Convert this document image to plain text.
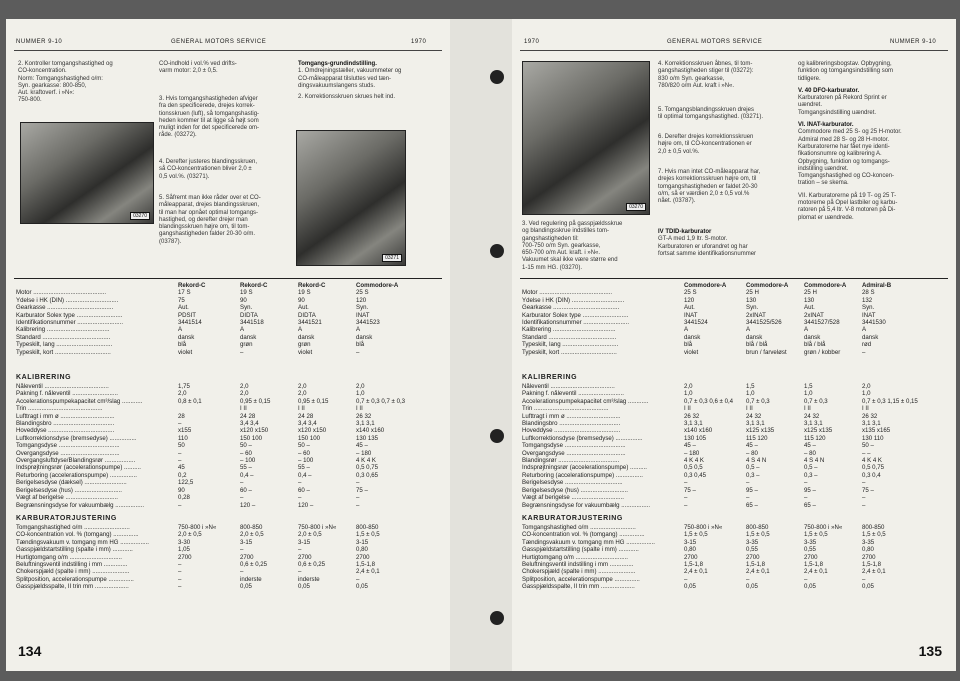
NUMMER 9-10	GENERAL MOTORS SERVICE	1970
2. Kontroller tomgangshastighed og
CO-koncentration.
Norm: Tomgangshastighed o/m:
Syn. gearkasse: 800-850,
Aut. kraftoverf. i »N«:
750-800.
03270
CO-indhold i vol.% ved drifts-
varm motor: 2,0 ± 0,5.
3. Hvis tomgangshastigheden afviger
fra den specificerede, drejes korrek-
tionsskruen (luft), så tomgangshastig-
heden kommer til at ligge så højt som
muligt inden for det specificerede om-
råde. (03272).
4. Derefter justeres blandingsskruen,
så CO-koncentrationen bliver 2,0 ±
0,5 vol.%. (03271).
5. Såfremt man ikke råder over et CO-
måleapparat, drejes blandingsskruen,
til man har opnået optimal tomgangs-
hastighed, og derefter drejer man
blandingsskruen højre om, til tom-
gangshastigheden falder 20-30 o/m.
(03787).
Tomgangs-grundindstilling.
1. Omdrejningstæller, vakuummeter og
CO-måleapparat tilsluttes ved tæn-
dingsvakuumslangens studs.
2. Korrektionsskruen skrues helt ind.
03271
	Rekord-C	Rekord-C	Rekord-C	Commodore-A
Motor ...........................................	17 S	19 S	19 S	25 S
Ydelse i HK (DIN) ...............................	75	90	90	120
Gearkasse .......................................	Aut.	Syn.	Aut.	Syn.
Karburator Solex type ...........................	PDSIT	DIDTA	DIDTA	INAT
Identifikationsnummer ...........................	3441514	3441518	3441521	3441523
Kalibrering .....................................	A	A	A	A
Standard ........................................	dansk	dansk	dansk	dansk
Typeskilt, lang .................................	blå	grøn	grøn	blå
Typeskilt, kort .................................	violet	–	violet	–
KALIBRERING
Nåleventil ......................................	1,75	2,0	2,0	2,0
Pakning f. nåleventil ...........................	2,0	2,0	2,0	1,0
Accelerationspumpekapacitet cm³/slag ............	0,8 ± 0,1	0,95 ± 0,15	0,95 ± 0,15	0,7 ± 0,3 0,7 ± 0,3
Trin ............................................		I II	I II	I II
Lufttragt i mm ø ................................	28	24 28	24 28	26 32
Blandingsbro ....................................	–	3,4 3,4	3,4 3,4	3,1 3,1
Hoveddyse .......................................	x155	x120 x150	x120 x150	x140 x160
Luftkorrektionsdyse (bremsedyse) ................	110	150 100	150 100	130 135
Tomgangsdyse ....................................	50	50 –	50 –	45 –
Overgangsdyse ...................................	–	– 60	– 60	– 180
Overgangsluftdyse/Blandingsrør ..................	–	– 100	– 100	4 K 4 K
Indsprøjtningsrør (accelerationspumpe) ..........	45	55 –	55 –	0,5 0,75
Returboring (accelerationspumpe) ................	0,2	0,4 –	0,4 –	0,3 0,65
Berigelsesdyse (dæksel) .........................	122,5	–	–	–
Berigelsesdyse (hus) ............................	90	60 –	60 –	75 –
Vægt af berigelse ...............................	0,28	–	–	–
Begrænsningsdyse for vakuumbælg .................	–	120 –	120 –	–
KARBURATORJUSTERING
Tomgangshastighed o/m ...........................	750-800 i »N«	800-850	750-800 i »N«	800-850
CO-koncentration vol. % (tomgang) ...............	2,0 ± 0,5	2,0 ± 0,5	2,0 ± 0,5	1,5 ± 0,5
Tændingsvakuum v. tomgang mm HG .................	3-30	3-15	3-15	3-15
Gasspjældstartstilling (spalte i mm) ............	1,05	–	–	0,80
Hurtigtomgang o/m ...............................	2700	2700	2700	2700
Beluftningsventil indstilling i mm ..............	–	0,6 ± 0,25	0,6 ± 0,25	1,5-1,8
Chokerspjæld (spalte i mm) ......................	–	–	–	2,4 ± 0,1
Splitposition, accelerationspumpe ...............	–	inderste	inderste	–
Gasspjældsspalte, II trin mm ....................	–	0,05	0,05	0,05
134
1970	GENERAL MOTORS SERVICE	NUMMER 9-10
03270
3. Ved regulering på gasspjældsskrue
og blandingsskrue indstilles tom-
gangshastigheden til:
700-750 o/m Syn. gearkasse,
650-700 o/m Aut. kraft. i »N«.
Vakuumet skal ikke være større end
1-15 mm HG. (03270).
4. Korrektionsskruen åbnes, til tom-
gangshastigheden stiger til (03272):
830 o/m Syn. gearkasse,
780/820 o/m Aut. kraft i »N«.
5. Tomgangsblandingsskruen drejes
til optimal tomgangshastighed. (03271).
6. Derefter drejes korrektionsskruen
højre om, til CO-koncentrationen er
2,0 ± 0,5 vol.%.
7. Hvis man intet CO-måleapparat har,
drejes korrektionsskruen højre om, til
tomgangshastigheden er faldet 20-30
o/m, så er værdien 2,0 ± 0,5 vol.%
nået. (03787).
IV TDID-karburator
GT-A med 1,9 ltr. S-motor.
Karburatoren er uforandret og har
fortsat samme identifikationsnummer
og kalibreringsbogstav. Opbygning,
funktion og tomgangsindstilling som
tidligere.
V. 40 DFO-karburator.
Karburatoren på Rekord Sprint er
uændret.
Tomgangsindstilling uændret.
VI. INAT-karburator.
Commodore med 25 S- og 25 H-motor.
Admiral med 28 S- og 28 H-motor.
Karburatorerne har fået nye identi-
fikationsnumre og kalibrering A.
Opbygning, funktion og tomgangs-
indstilling uændret.
Tomgangshastighed og CO-koncen-
tration – se skema.
VII. Karburatorerne på 19 T- og 25 T-
motorerne på Opel lastbiler og karbu-
ratoren på 5,4 ltr. V-8 motoren på Di-
plomat er uændrede.
	Commodore-A	Commodore-A	Commodore-A	Admiral-B
Motor ...........................................	25 S	25 H	25 H	28 S
Ydelse i HK (DIN) ...............................	120	130	130	132
Gearkasse .......................................	Aut.	Syn.	Aut.	Syn.
Karburator Solex type ...........................	INAT	2xINAT	2xINAT	INAT
Identifikationsnummer ...........................	3441524	3441525/526	3441527/528	3441530
Kalibrering .....................................	A	A	A	A
Standard ........................................	dansk	dansk	dansk	dansk
Typeskilt, lang .................................	blå	blå / blå	blå / blå	rød
Typeskilt, kort .................................	violet	brun / farveløst	grøn / kobber	–
KALIBRERING
Nåleventil ......................................	2,0	1,5	1,5	2,0
Pakning f. nåleventil ...........................	1,0	1,0	1,0	1,0
Accelerationspumpekapacitet cm³/slag ............	0,7 ± 0,3 0,6 ± 0,4	0,7 ± 0,3	0,7 ± 0,3	0,7 ± 0,3 1,15 ± 0,15
Trin ............................................	I II	I II	I II	I II
Lufttragt i mm ø ................................	26 32	24 32	24 32	26 32
Blandingsbro ....................................	3,1 3,1	3,1 3,1	3,1 3,1	3,1 3,1
Hoveddyse .......................................	x140 x160	x125 x135	x125 x135	x135 x165
Luftkorrektionsdyse (bremsedyse) ................	130 105	115 120	115 120	130 110
Tomgangsdyse ....................................	45 –	45 –	45 –	50 –
Overgangsdyse ...................................	– 180	– 80	– 80	– –
Blandingsrør ....................................	4 K 4 K	4 S 4 N	4 S 4 N	4 K 4 K
Indsprøjtningsrør (accelerationspumpe) ..........	0,5 0,5	0,5 –	0,5 –	0,5 0,75
Returboring (accelerationspumpe) ................	0,3 0,45	0,3 –	0,3 –	0,3 0,4
Berigelsesdyse ..................................	–	–	–	–
Berigelsesdyse (hus) ............................	75 –	95 –	95 –	75 –
Vægt af berigelse ...............................	–	–	–	–
Begrænsningsdyse for vakuumbælg .................	–	65 –	65 –	–
KARBURATORJUSTERING
Tomgangshastighed o/m ...........................	750-800 i »N«	800-850	750-800 i »N«	800-850
CO-koncentration vol. % (tomgang) ...............	1,5 ± 0,5	1,5 ± 0,5	1,5 ± 0,5	1,5 ± 0,5
Tændingsvakuum v. tomgang mm HG .................	3-15	3-35	3-35	3-35
Gasspjældstartstilling (spalte i mm) ............	0,80	0,55	0,55	0,80
Hurtigtomgang o/m ...............................	2700	2700	2700	2700
Beluftningsventil indstilling i mm ..............	1,5-1,8	1,5-1,8	1,5-1,8	1,5-1,8
Chokerspjæld (spalte i mm) ......................	2,4 ± 0,1	2,4 ± 0,1	2,4 ± 0,1	2,4 ± 0,1
Splitposition, accelerationspumpe ...............	–	–	–	–
Gasspjældsspalte, II trin mm ....................	0,05	0,05	0,05	0,05
135
